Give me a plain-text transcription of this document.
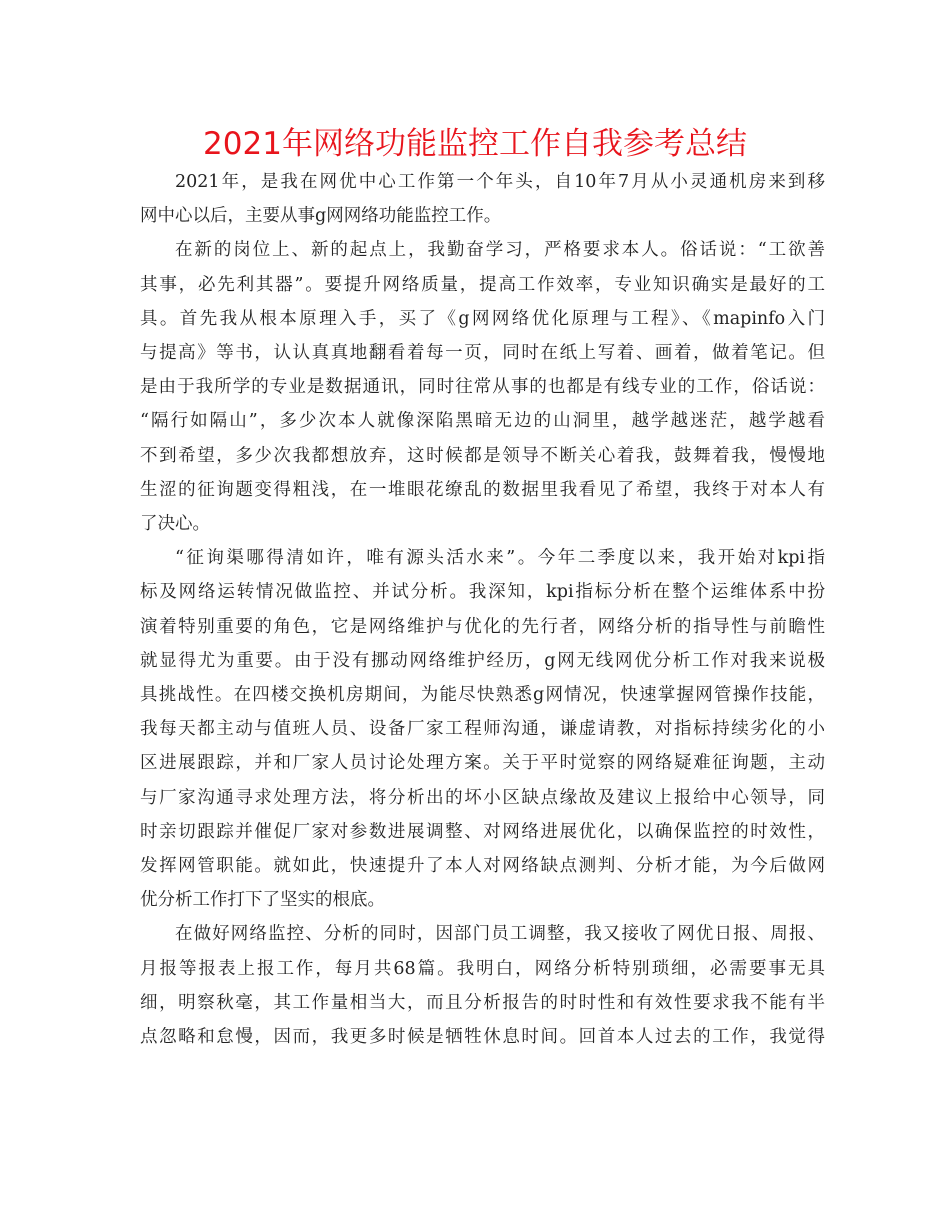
2021年网络功能监控工作自我参考总结
2021年，是我在网优中心工作第一个年头，自10年7月从小灵通机房来到移
网中心以后，主要从事g网网络功能监控工作。
在新的岗位上、新的起点上，我勤奋学习，严格要求本人。俗话说：“工欲善
其事，必先利其器”。要提升网络质量，提高工作效率，专业知识确实是最好的工
具。首先我从根本原理入手，买了《g网网络优化原理与工程》、《mapinfo入门
与提高》等书，认认真真地翻看着每一页，同时在纸上写着、画着，做着笔记。但
是由于我所学的专业是数据通讯，同时往常从事的也都是有线专业的工作，俗话说：
“隔行如隔山”，多少次本人就像深陷黑暗无边的山洞里，越学越迷茫，越学越看
不到希望，多少次我都想放弃，这时候都是领导不断关心着我，鼓舞着我，慢慢地
生涩的征询题变得粗浅，在一堆眼花缭乱的数据里我看见了希望，我终于对本人有
了决心。
“征询渠哪得清如许，唯有源头活水来”。今年二季度以来，我开始对kpi指
标及网络运转情况做监控、并试分析。我深知，kpi指标分析在整个运维体系中扮
演着特别重要的角色，它是网络维护与优化的先行者，网络分析的指导性与前瞻性
就显得尤为重要。由于没有挪动网络维护经历，g网无线网优分析工作对我来说极
具挑战性。在四楼交换机房期间，为能尽快熟悉g网情况，快速掌握网管操作技能，
我每天都主动与值班人员、设备厂家工程师沟通，谦虚请教，对指标持续劣化的小
区进展跟踪，并和厂家人员讨论处理方案。关于平时觉察的网络疑难征询题，主动
与厂家沟通寻求处理方法，将分析出的坏小区缺点缘故及建议上报给中心领导，同
时亲切跟踪并催促厂家对参数进展调整、对网络进展优化，以确保监控的时效性，
发挥网管职能。就如此，快速提升了本人对网络缺点测判、分析才能，为今后做网
优分析工作打下了坚实的根底。
在做好网络监控、分析的同时，因部门员工调整，我又接收了网优日报、周报、
月报等报表上报工作，每月共68篇。我明白，网络分析特别琐细，必需要事无具
细，明察秋毫，其工作量相当大，而且分析报告的时时性和有效性要求我不能有半
点忽略和怠慢，因而，我更多时候是牺牲休息时间。回首本人过去的工作，我觉得
